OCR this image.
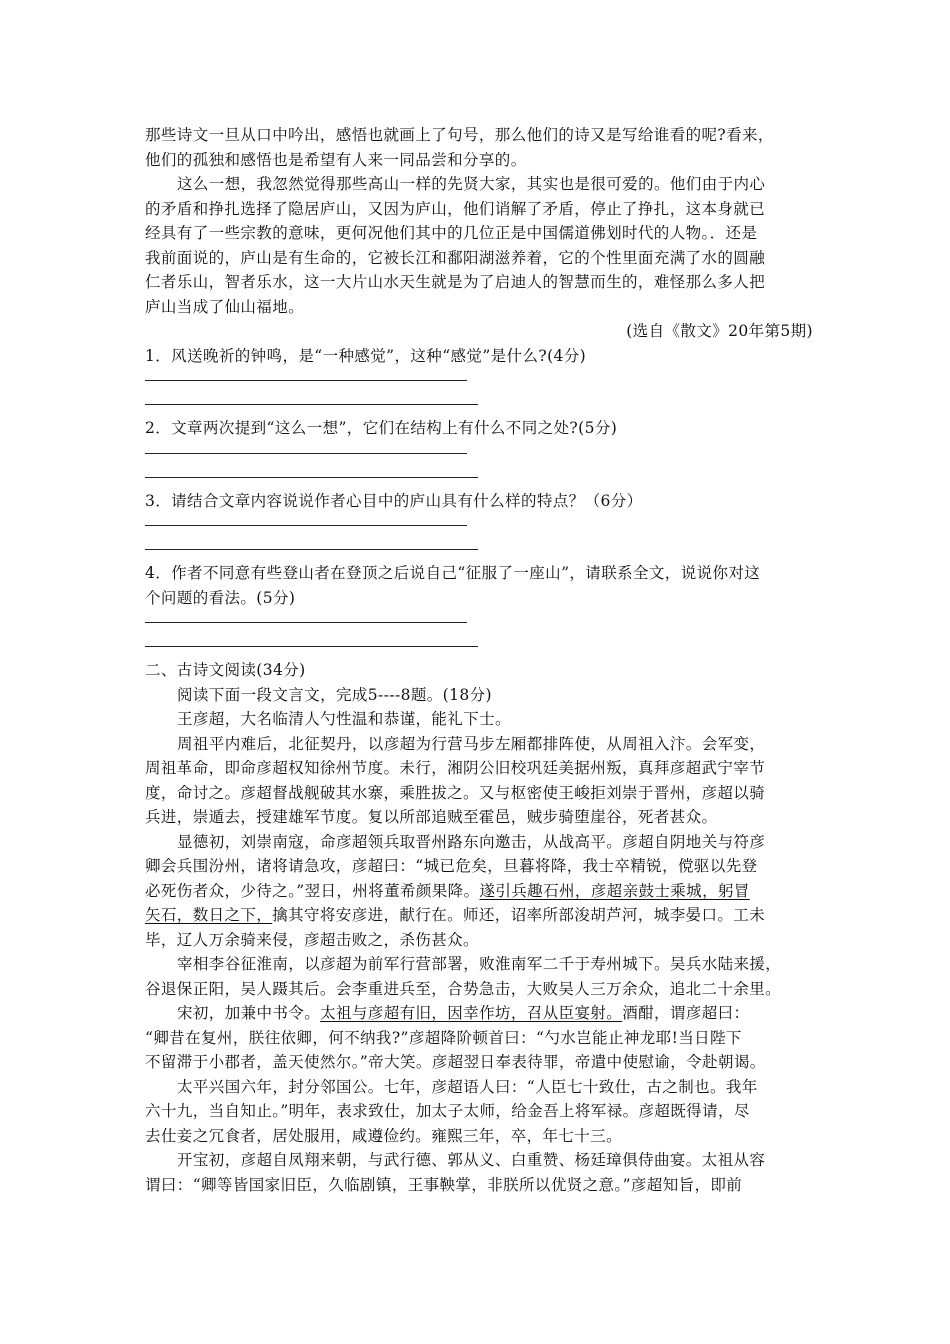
那些诗文一旦从口中吟出，感悟也就画上了句号，那么他们的诗又是写给谁看的呢?看来，
他们的孤独和感悟也是希望有人来一同品尝和分享的。
这么一想，我忽然觉得那些高山一样的先贤大家，其实也是很可爱的。他们由于内心
的矛盾和挣扎选择了隐居庐山，又因为庐山，他们诮解了矛盾，停止了挣扎，这本身就已
经具有了一些宗教的意味，更何况他们其中的几位正是中国儒道佛划时代的人物。．还是
我前面说的，庐山是有生命的，它被长江和鄱阳湖滋养着，它的个性里面充满了水的圆融
仁者乐山，智者乐水，这一大片山水天生就是为了启迪人的智慧而生的，难怪那么多人把
庐山当成了仙山福地。
(选自《散文》20年第5期)
1．风送晚祈的钟鸣，是“一种感觉”，这种“感觉”是什么?(4分)
2．文章两次提到“这么一想”，它们在结构上有什么不同之处?(5分)
3．请结合文章内容说说作者心目中的庐山具有什么样的特点？（6分）
4．作者不同意有些登山者在登顶之后说自己“征服了一座山”，请联系全文，说说你对这
个问题的看法。(5分)
二、古诗文阅读(34分)
阅读下面一段文言文，完成5----8题。(18分)
王彦超，大名临清人勺性温和恭谨，能礼下士。
周祖平内难后，北征契丹，以彦超为行营马步左厢都排阵使，从周祖入汴。会军变，
周祖革命，即命彦超权知徐州节度。未行，湘阴公旧校巩廷美据州叛，真拜彦超武宁宰节
度，命讨之。彦超督战舰破其水寨，乘胜拔之。又与枢密使王峻拒刘崇于晋州，彦超以骑
兵进，崇遁去，授建雄军节度。复以所部追贼至霍邑，贼步骑堕崖谷，死者甚众。
显德初，刘崇南寇，命彦超领兵取晋州路东向邀击，从战高平。彦超自阴地关与符彦
卿会兵围汾州，诸将请急攻，彦超曰：“城已危矣，旦暮将降，我士卒精锐，傥驱以先登
必死伤者众，少待之。”翌日，州将董希颜果降。遂引兵趣石州，彦超亲鼓士乘城，躬冒
矢石，数日之下，擒其守将安彦进，献行在。师还，诏率所部浚胡芦河，城李晏口。工未
毕，辽人万余骑来侵，彦超击败之，杀伤甚众。
宰相李谷征淮南，以彦超为前军行营部署，败淮南军二千于寿州城下。吴兵水陆来援，
谷退保正阳，吴人蹑其后。会李重进兵至，合势急击，大败吴人三万余众，追北二十余里。
宋初，加兼中书令。太祖与彦超有旧，因幸作坊，召从臣宴射。酒酣，谓彦超曰：
“卿昔在复州，朕往依卿，何不纳我?”彦超降阶顿首曰：“勺水岂能止神龙耶!当日陛下
不留滞于小郡者，盖天使然尔。”帝大笑。彦超翌日奉表待罪，帝遣中使慰谕，令赴朝谒。
太平兴国六年，封分邻国公。七年，彦超语人曰：“人臣七十致仕，古之制也。我年
六十九，当自知止。”明年，表求致仕，加太子太师，给金吾上将军禄。彦超既得请，尽
去仕妾之冗食者，居处服用，咸遵俭约。雍熙三年，卒，年七十三。
开宝初，彦超自凤翔来朝，与武行德、郭从义、白重赞、杨廷璋俱侍曲宴。太祖从容
谓曰：“卿等皆国家旧臣，久临剧镇，王事鞅掌，非朕所以优贤之意。”彦超知旨，即前
